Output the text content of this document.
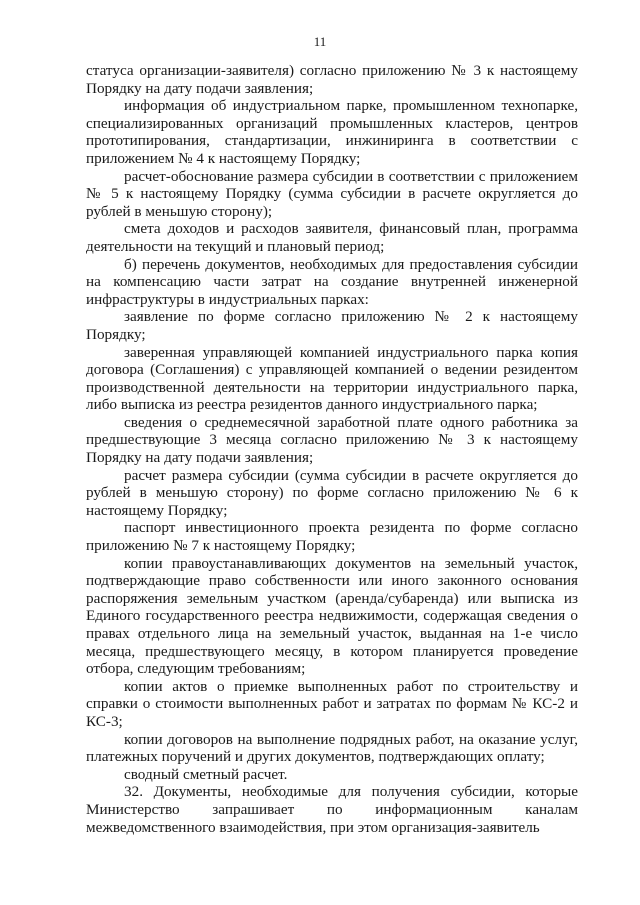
11

статуса организации-заявителя) согласно приложению № 3 к настоящему Порядку на дату подачи заявления;

информация об индустриальном парке, промышленном технопарке, специализированных организаций промышленных кластеров, центров прототипирования, стандартизации, инжиниринга в соответствии с приложением № 4 к настоящему Порядку;

расчет-обоснование размера субсидии в соответствии с приложением № 5 к настоящему Порядку (сумма субсидии в расчете округляется до рублей в меньшую сторону);

смета доходов и расходов заявителя, финансовый план, программа деятельности на текущий и плановый период;

б) перечень документов, необходимых для предоставления субсидии на компенсацию части затрат на создание внутренней инженерной инфраструктуры в индустриальных парках:

заявление по форме согласно приложению № 2 к настоящему Порядку;

заверенная управляющей компанией индустриального парка копия договора (Соглашения) с управляющей компанией о ведении резидентом производственной деятельности на территории индустриального парка, либо выписка из реестра резидентов данного индустриального парка;

сведения о среднемесячной заработной плате одного работника за предшествующие 3 месяца согласно приложению № 3 к настоящему Порядку на дату подачи заявления;

расчет размера субсидии (сумма субсидии в расчете округляется до рублей в меньшую сторону) по форме согласно приложению № 6 к настоящему Порядку;

паспорт инвестиционного проекта резидента по форме согласно приложению № 7 к настоящему Порядку;

копии правоустанавливающих документов на земельный участок, подтверждающие право собственности или иного законного основания распоряжения земельным участком (аренда/субаренда) или выписка из Единого государственного реестра недвижимости, содержащая сведения о правах отдельного лица на земельный участок, выданная на 1-е число месяца, предшествующего месяцу, в котором планируется проведение отбора, следующим требованиям;

копии актов о приемке выполненных работ по строительству и справки о стоимости выполненных работ и затратах по формам № КС-2 и КС-3;

копии договоров на выполнение подрядных работ, на оказание услуг, платежных поручений и других документов, подтверждающих оплату;

сводный сметный расчет.

32. Документы, необходимые для получения субсидии, которые Министерство запрашивает по информационным каналам межведомственного взаимодействия, при этом организация-заявитель
